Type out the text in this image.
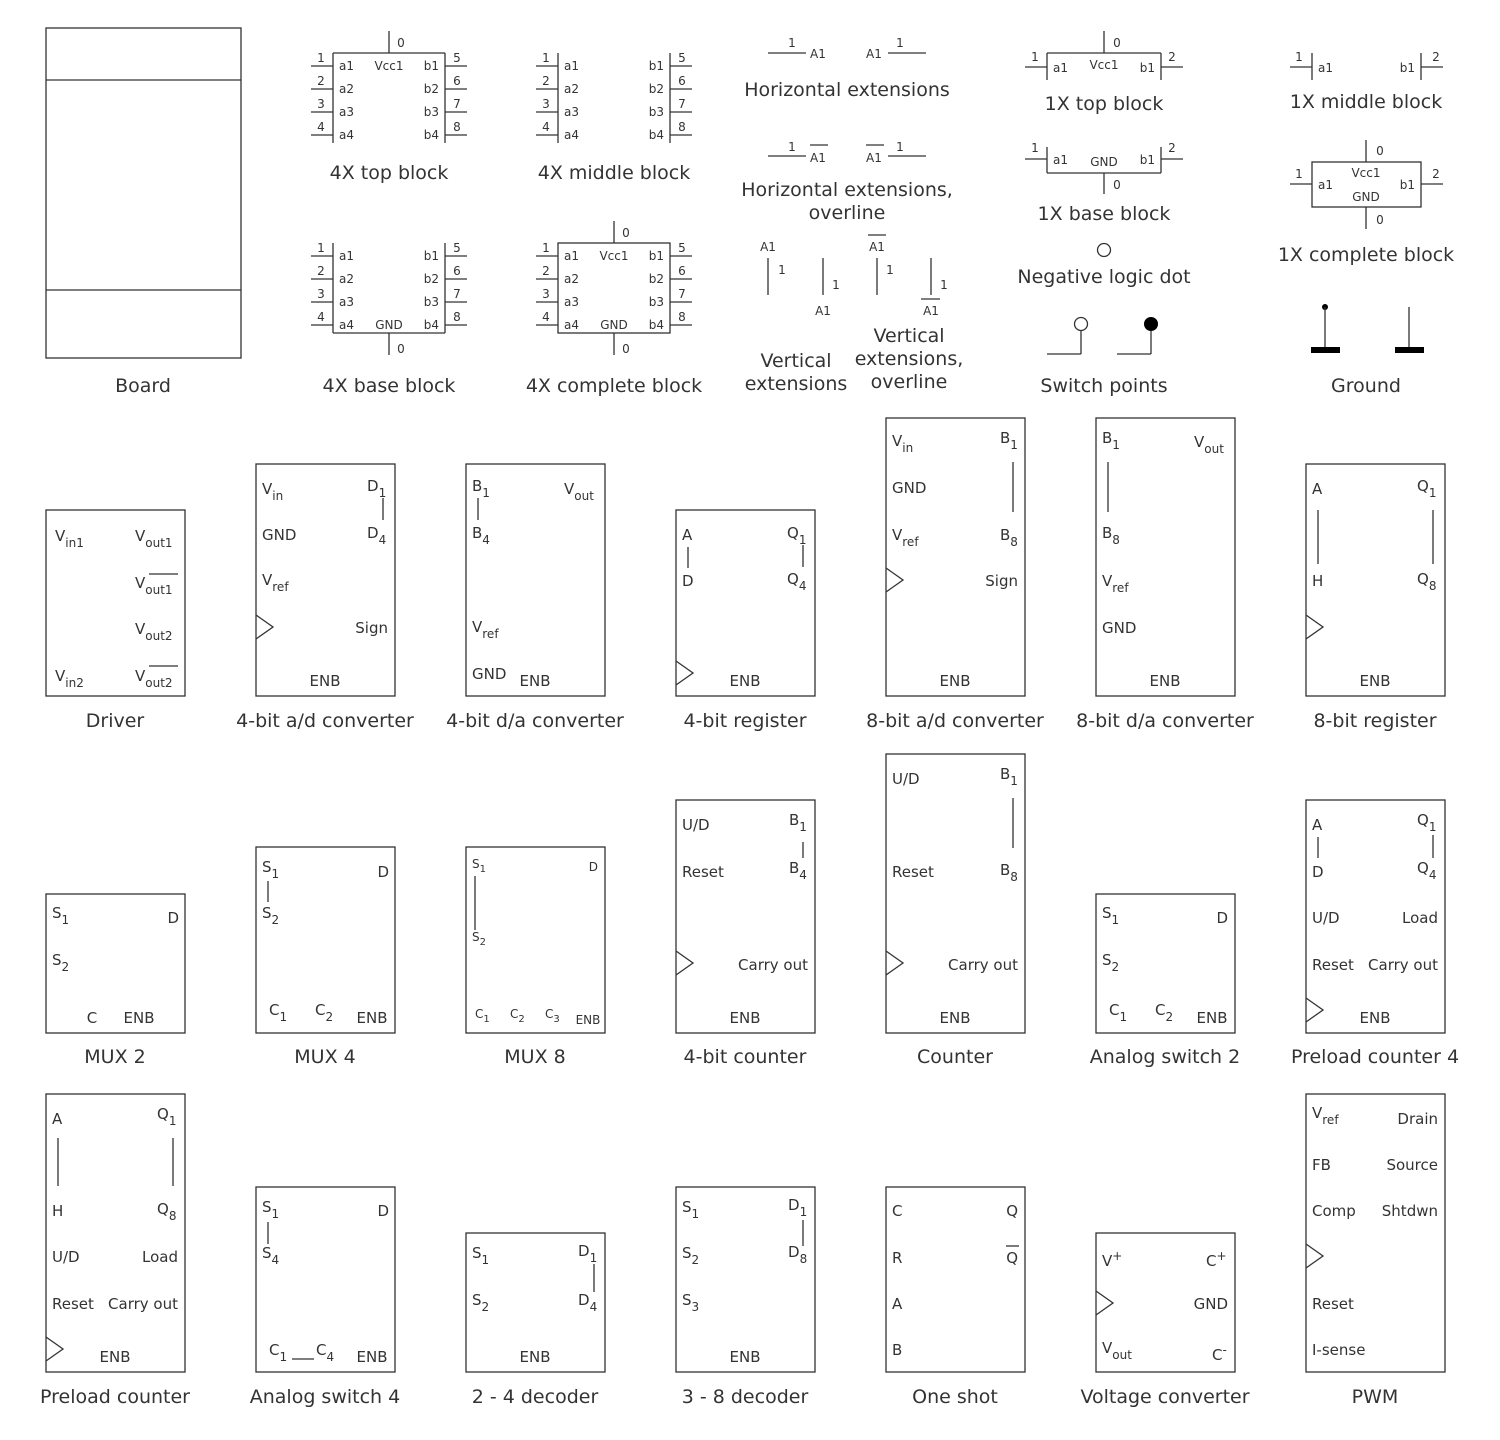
1	5
a1	b1
2	6
a2	b2
3	7
a3	b3
4	8
a4	b4
0
Vcc1
1	5
a1	b1
2	6
a2	b2
3	7
a3	b3
4	8
a4	b4
1	5
a1	b1
2	6
a2	b2
3	7
a3	b3
4	8
a4	b4
0
GND
1	5
a1	b1
2	6
a2	b2
3	7
a3	b3
4	8
a4	b4
0
Vcc1
0
GND
1
A1
1
A1
1
A1
1
A1
A1
1
1
A1
A1
1
1
A1
1	2
a1	b1
0
Vcc1
1	2
a1	b1
1	2
a1	b1
GND
0
1	2
a1	b1
0
Vcc1
GND
0
$V_{in1}$	$V_{out1}$
$V_{out1}$
$V_{out2}$
$V_{in2}$	$V_{out2}$
$V_{in}$
$D_1$
$D_4$
GND
$V_{ref}$
Sign
ENB
$B_1$
$B_4$
$V_{out}$
$V_{ref}$
GND ENB
A
D
$Q_1$
$Q_4$
ENB
$V_{in}$
$B_1$
$B_8$
GND
$V_{ref}$
Sign
ENB
$B_1$
$B_8$
$V_{out}$
$V_{ref}$
GND
ENB
A
H
$Q_1$
$Q_8$
ENB
$S_1$	D
$S_2$
C ENB
$S_1$
$S_2$
D
$C_1$ $C_2$ ENB
$S_1$
$S_2$
D
$C_1$ $C_2$ $C_3$ ENB
U/D
Reset
$B_1$
$B_4$
Carry out
ENB
U/D
Reset
$B_1$
$B_8$
Carry out
ENB
$S_1$	D
$S_2$
$C_1$ $C_2$ ENB
A
D
$Q_1$
$Q_4$
U/D	Load
Reset Carry out
ENB
A
H
$Q_1$
$Q_8$
U/D	Load
Reset Carry out
ENB
$S_1$
$S_4$
D
$C_1$ $C_4$ ENB
$S_1$
$S_2$
$D_1$
$D_4$
ENB
$S_1$
$S_2$
$S_3$
$D_1$
$D_8$
ENB
C	Q
R	Q
A
B
V+	C+
GND
$V_{out}$	C-
$V_{ref}$	Drain
FB	Source
Comp Shtdwn
Reset
I-sense
Board
4X top block	4X middle block
Horizontal extensions
1X top block	1X middle block
Horizontal extensions, overline	1X base block
1X complete block
4X base block	4X complete block
Vertical extensions
Vertical extensions, overline
Negative logic dot
Switch points	Ground
Driver	4-bit a/d converter 4-bit d/a converter	4-bit register	8-bit a/d converter 8-bit d/a converter	8-bit register
MUX 2	MUX 4	MUX 8	4-bit counter	Counter	Analog switch 2	Preload counter 4
Preload counter	Analog switch 4	2 - 4 decoder	3 - 8 decoder	One shot	Voltage converter	PWM
